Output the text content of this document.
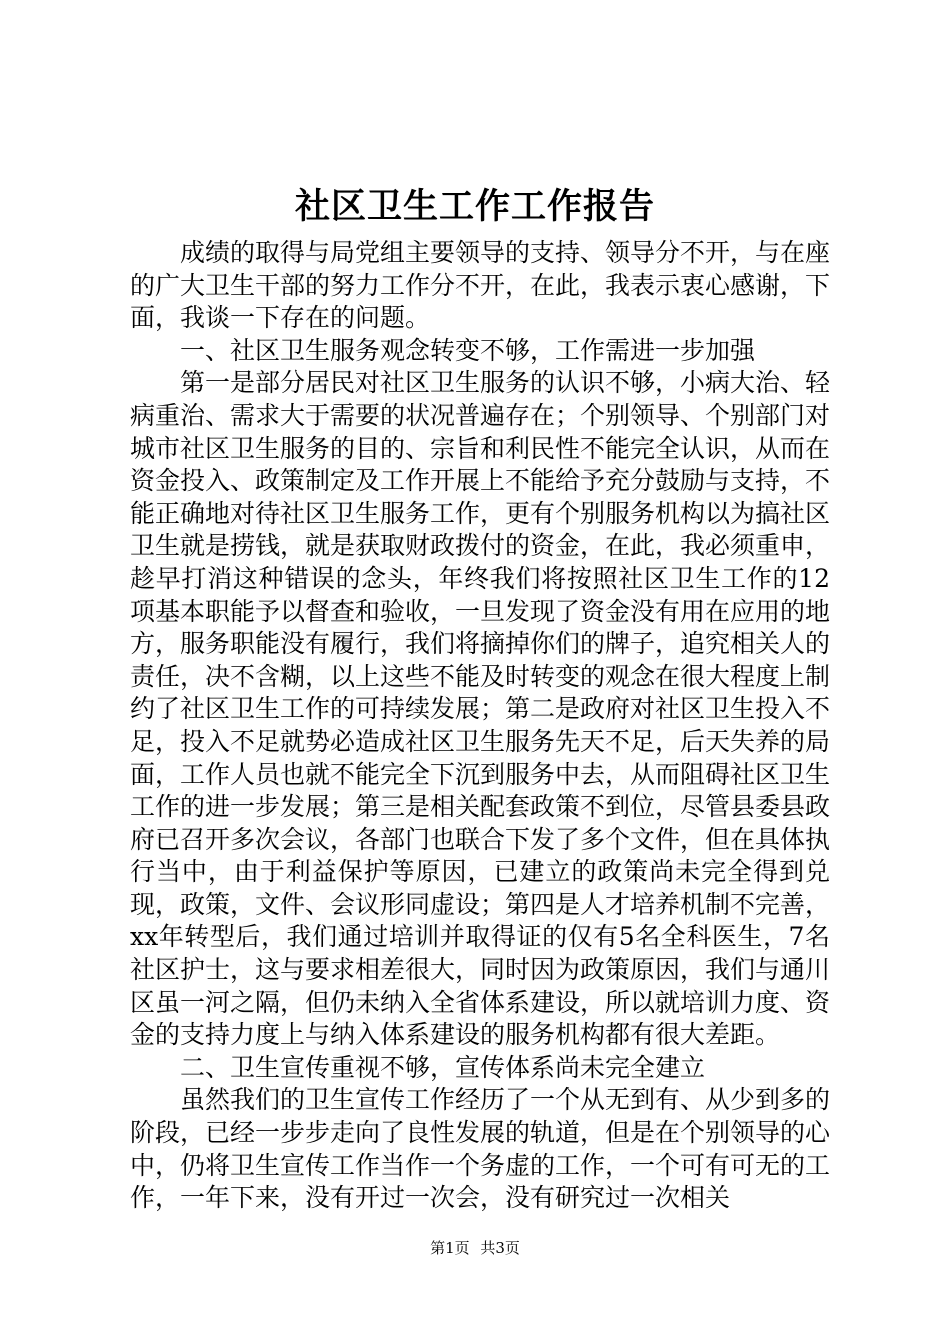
社区卫生工作工作报告

成绩的取得与局党组主要领导的支持、领导分不开，与在座的广大卫生干部的努力工作分不开，在此，我表示衷心感谢，下面，我谈一下存在的问题。

一、社区卫生服务观念转变不够，工作需进一步加强

第一是部分居民对社区卫生服务的认识不够，小病大治、轻病重治、需求大于需要的状况普遍存在；个别领导、个别部门对城市社区卫生服务的目的、宗旨和利民性不能完全认识，从而在资金投入、政策制定及工作开展上不能给予充分鼓励与支持，不能正确地对待社区卫生服务工作，更有个别服务机构以为搞社区卫生就是捞钱，就是获取财政拨付的资金，在此，我必须重申，趁早打消这种错误的念头，年终我们将按照社区卫生工作的12项基本职能予以督查和验收，一旦发现了资金没有用在应用的地方，服务职能没有履行，我们将摘掉你们的牌子，追究相关人的责任，决不含糊，以上这些不能及时转变的观念在很大程度上制约了社区卫生工作的可持续发展；第二是政府对社区卫生投入不足，投入不足就势必造成社区卫生服务先天不足，后天失养的局面，工作人员也就不能完全下沉到服务中去，从而阻碍社区卫生工作的进一步发展；第三是相关配套政策不到位，尽管县委县政府已召开多次会议，各部门也联合下发了多个文件，但在具体执行当中，由于利益保护等原因，已建立的政策尚未完全得到兑现，政策，文件、会议形同虚设；第四是人才培养机制不完善，xx年转型后，我们通过培训并取得证的仅有5名全科医生，7名社区护士，这与要求相差很大，同时因为政策原因，我们与通川区虽一河之隔，但仍未纳入全省体系建设，所以就培训力度、资金的支持力度上与纳入体系建设的服务机构都有很大差距。

二、卫生宣传重视不够，宣传体系尚未完全建立

虽然我们的卫生宣传工作经历了一个从无到有、从少到多的阶段，已经一步步走向了良性发展的轨道，但是在个别领导的心中，仍将卫生宣传工作当作一个务虚的工作，一个可有可无的工作，一年下来，没有开过一次会，没有研究过一次相关

第1页 共3页
